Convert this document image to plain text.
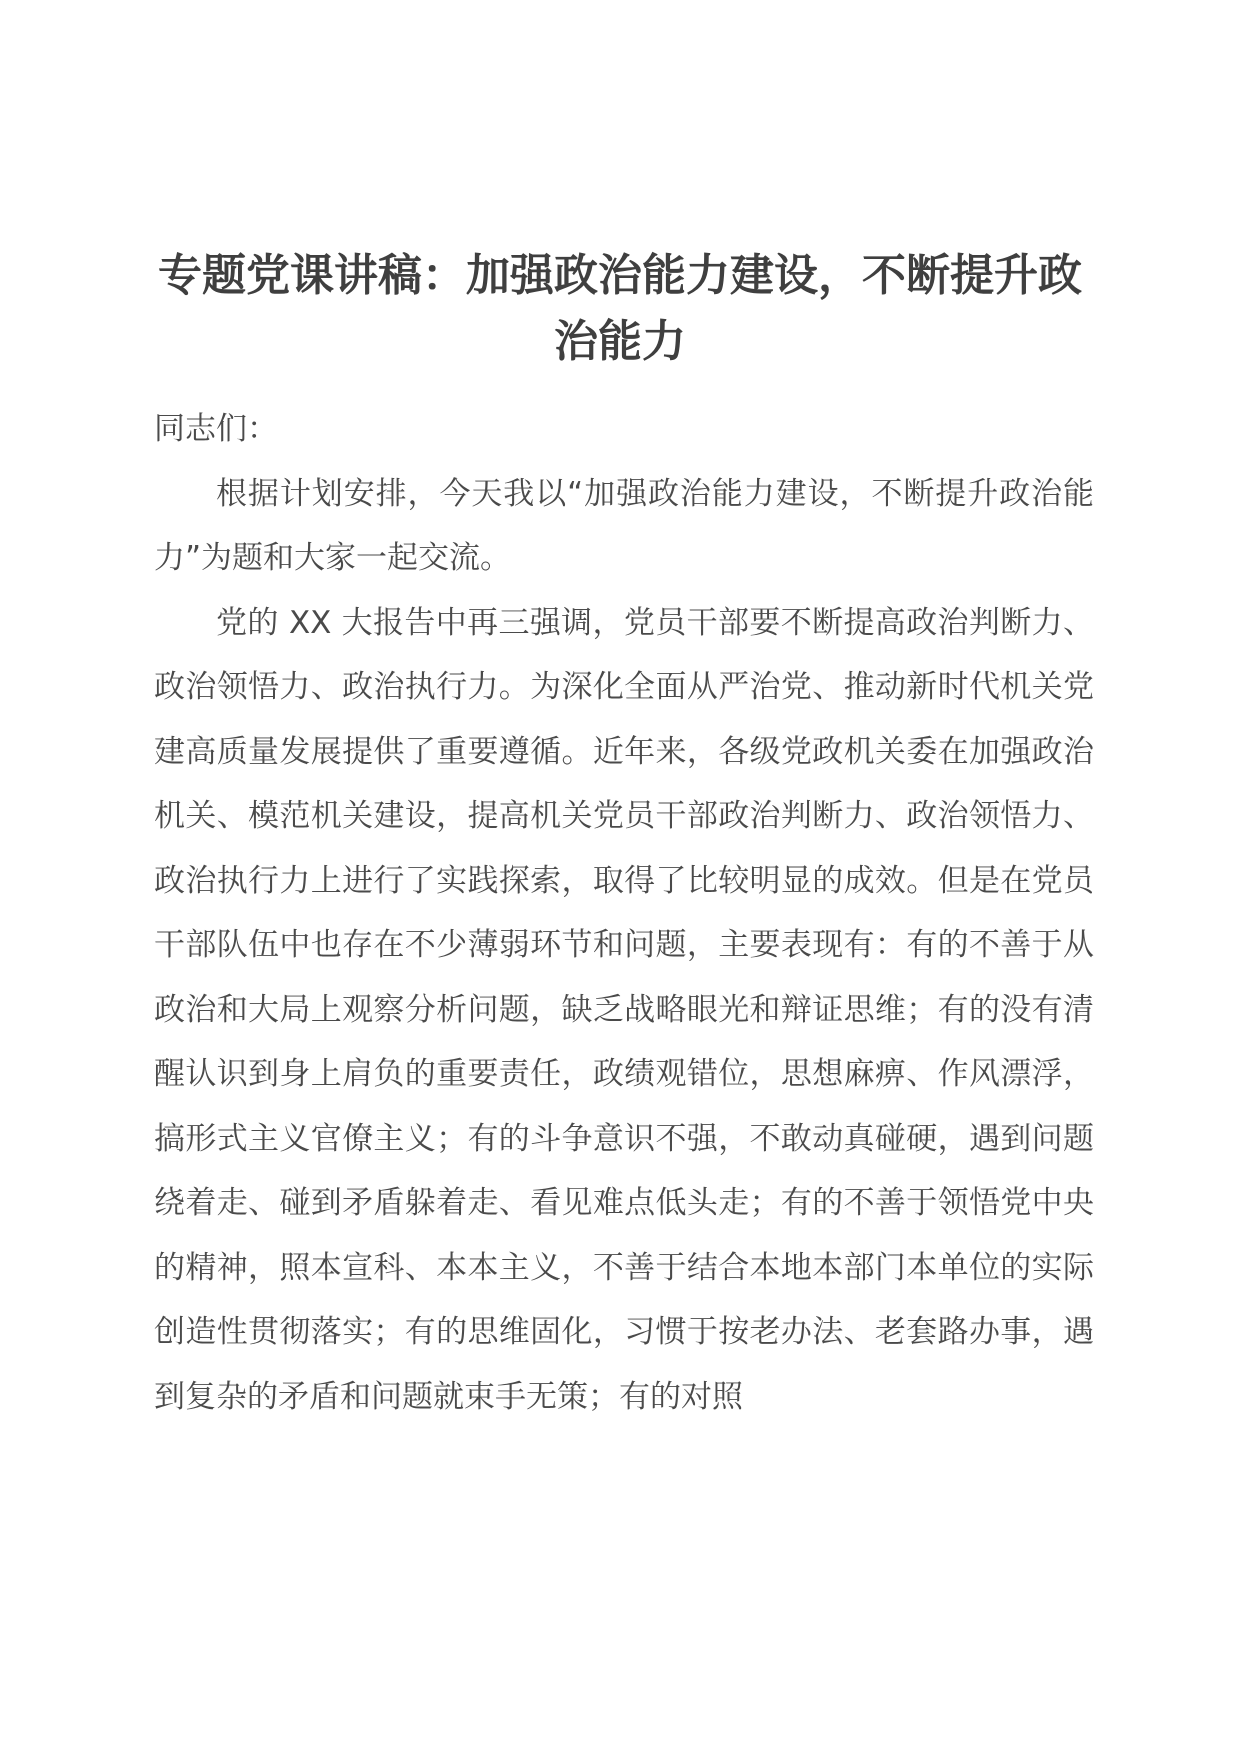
专题党课讲稿：加强政治能力建设，不断提升政治能力

同志们：

根据计划安排，今天我以“加强政治能力建设，不断提升政治能力”为题和大家一起交流。

党的 XX 大报告中再三强调，党员干部要不断提高政治判断力、政治领悟力、政治执行力。为深化全面从严治党、推动新时代机关党建高质量发展提供了重要遵循。近年来，各级党政机关委在加强政治机关、模范机关建设，提高机关党员干部政治判断力、政治领悟力、政治执行力上进行了实践探索，取得了比较明显的成效。但是在党员干部队伍中也存在不少薄弱环节和问题，主要表现有：有的不善于从政治和大局上观察分析问题，缺乏战略眼光和辩证思维；有的没有清醒认识到身上肩负的重要责任，政绩观错位，思想麻痹、作风漂浮，搞形式主义官僚主义；有的斗争意识不强，不敢动真碰硬，遇到问题绕着走、碰到矛盾躲着走、看见难点低头走；有的不善于领悟党中央的精神，照本宣科、本本主义，不善于结合本地本部门本单位的实际创造性贯彻落实；有的思维固化，习惯于按老办法、老套路办事，遇到复杂的矛盾和问题就束手无策；有的对照
